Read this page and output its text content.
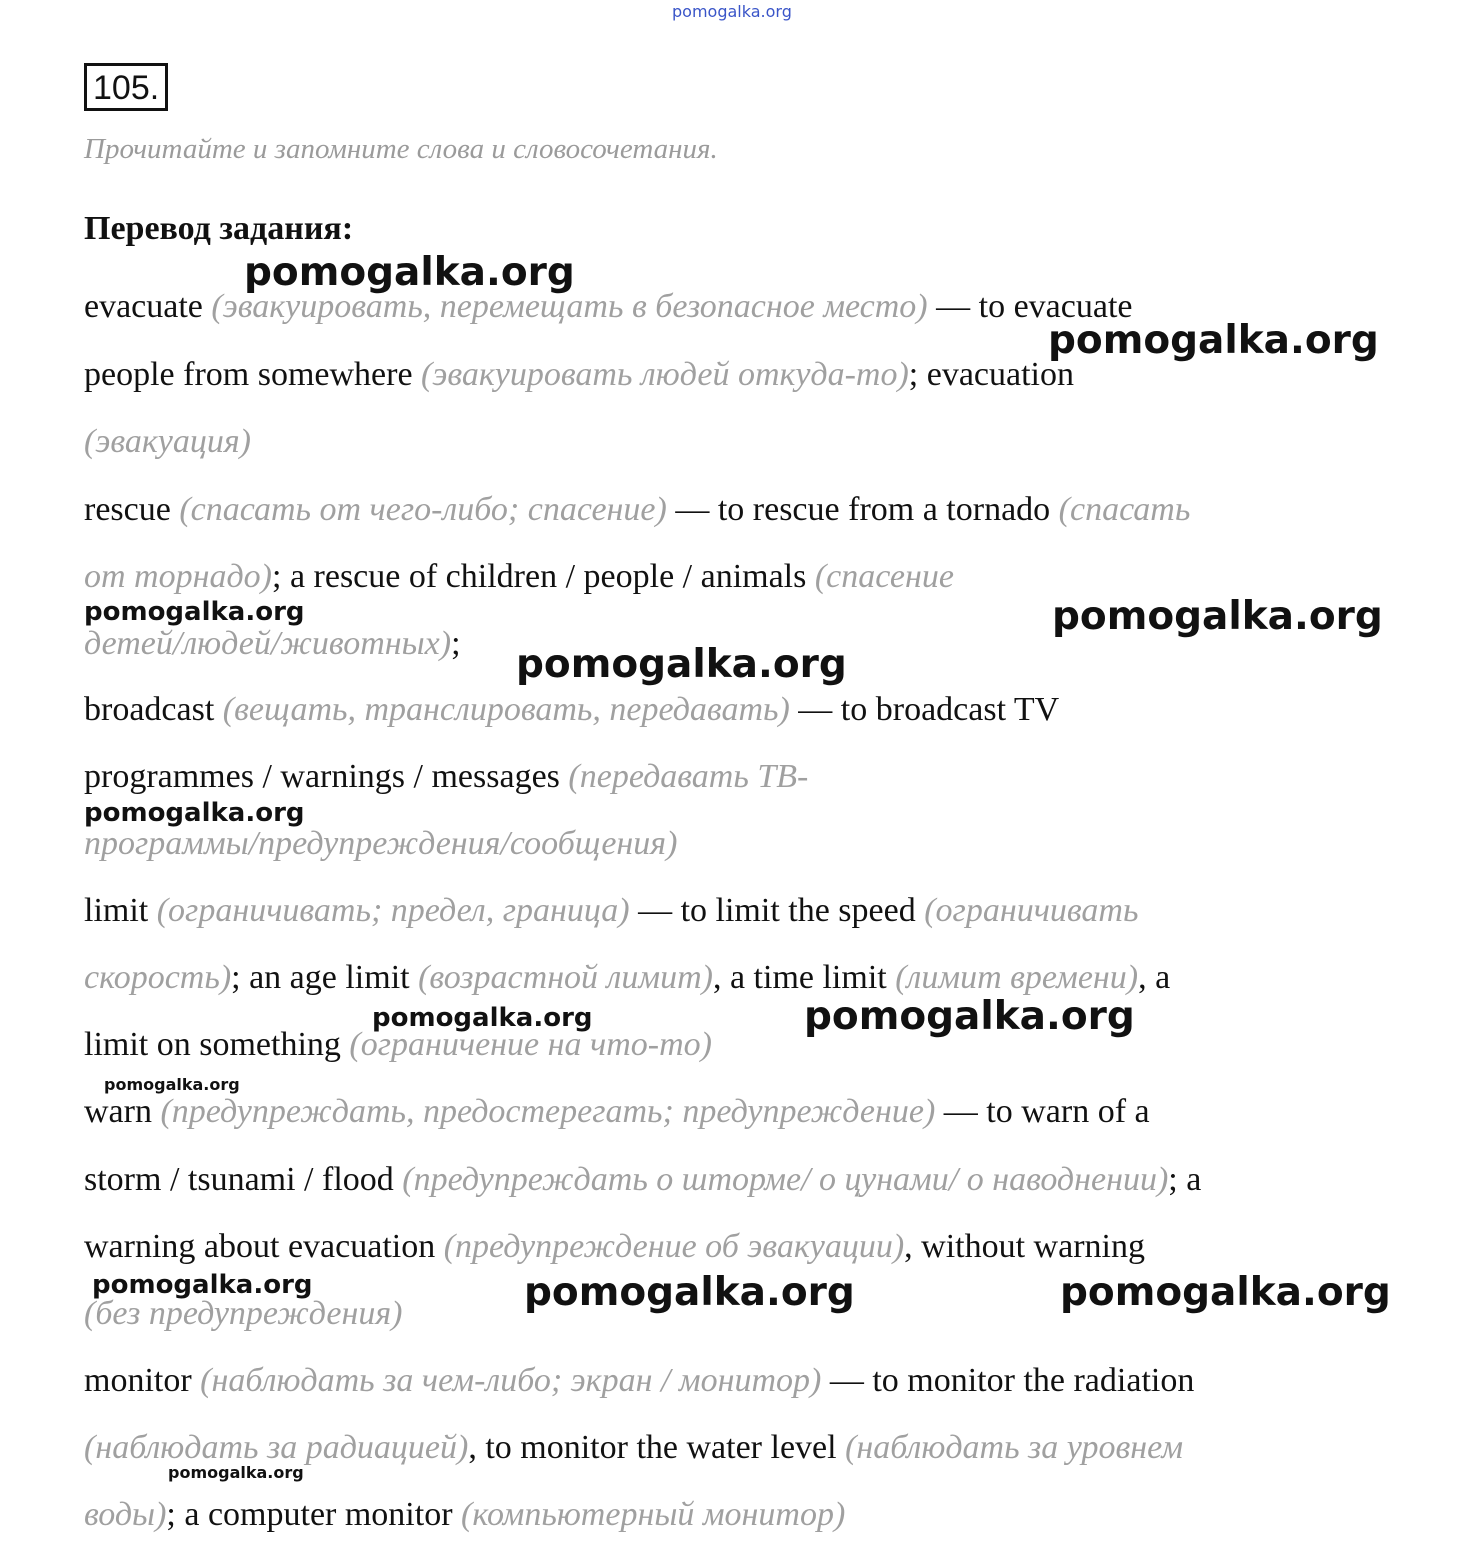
pomogalka.org
105.
Прочитайте и запомните слова и словосочетания.
Перевод задания:
evacuate (эвакуировать, перемещать в безопасное место) — to evacuate
people from somewhere (эвакуировать людей откуда-то); evacuation
(эвакуация)
rescue (спасать от чего-либо; спасение) — to rescue from a tornado (спасать
от торнадо); a rescue of children / people / animals (спасение
детей/людей/животных);
broadcast (вещать, транслировать, передавать) — to broadcast TV
programmes / warnings / messages (передавать ТВ-
программы/предупреждения/сообщения)
limit (ограничивать; предел, граница) — to limit the speed (ограничивать
скорость); an age limit (возрастной лимит), a time limit (лимит времени), a
limit on something (ограничение на что-то)
warn (предупреждать, предостерегать; предупреждение) — to warn of a
storm / tsunami / flood (предупреждать о шторме/ о цунами/ о наводнении); a
warning about evacuation (предупреждение об эвакуации), without warning
(без предупреждения)
monitor (наблюдать за чем-либо; экран / монитор) — to monitor the radiation
(наблюдать за радиацией), to monitor the water level (наблюдать за уровнем
воды); a computer monitor (компьютерный монитор)
pomogalka.org
pomogalka.org
pomogalka.org	pomogalka.org
pomogalka.org
pomogalka.org
pomogalka.org	pomogalka.org
pomogalka.org
pomogalka.org	pomogalka.org	pomogalka.org
pomogalka.org
